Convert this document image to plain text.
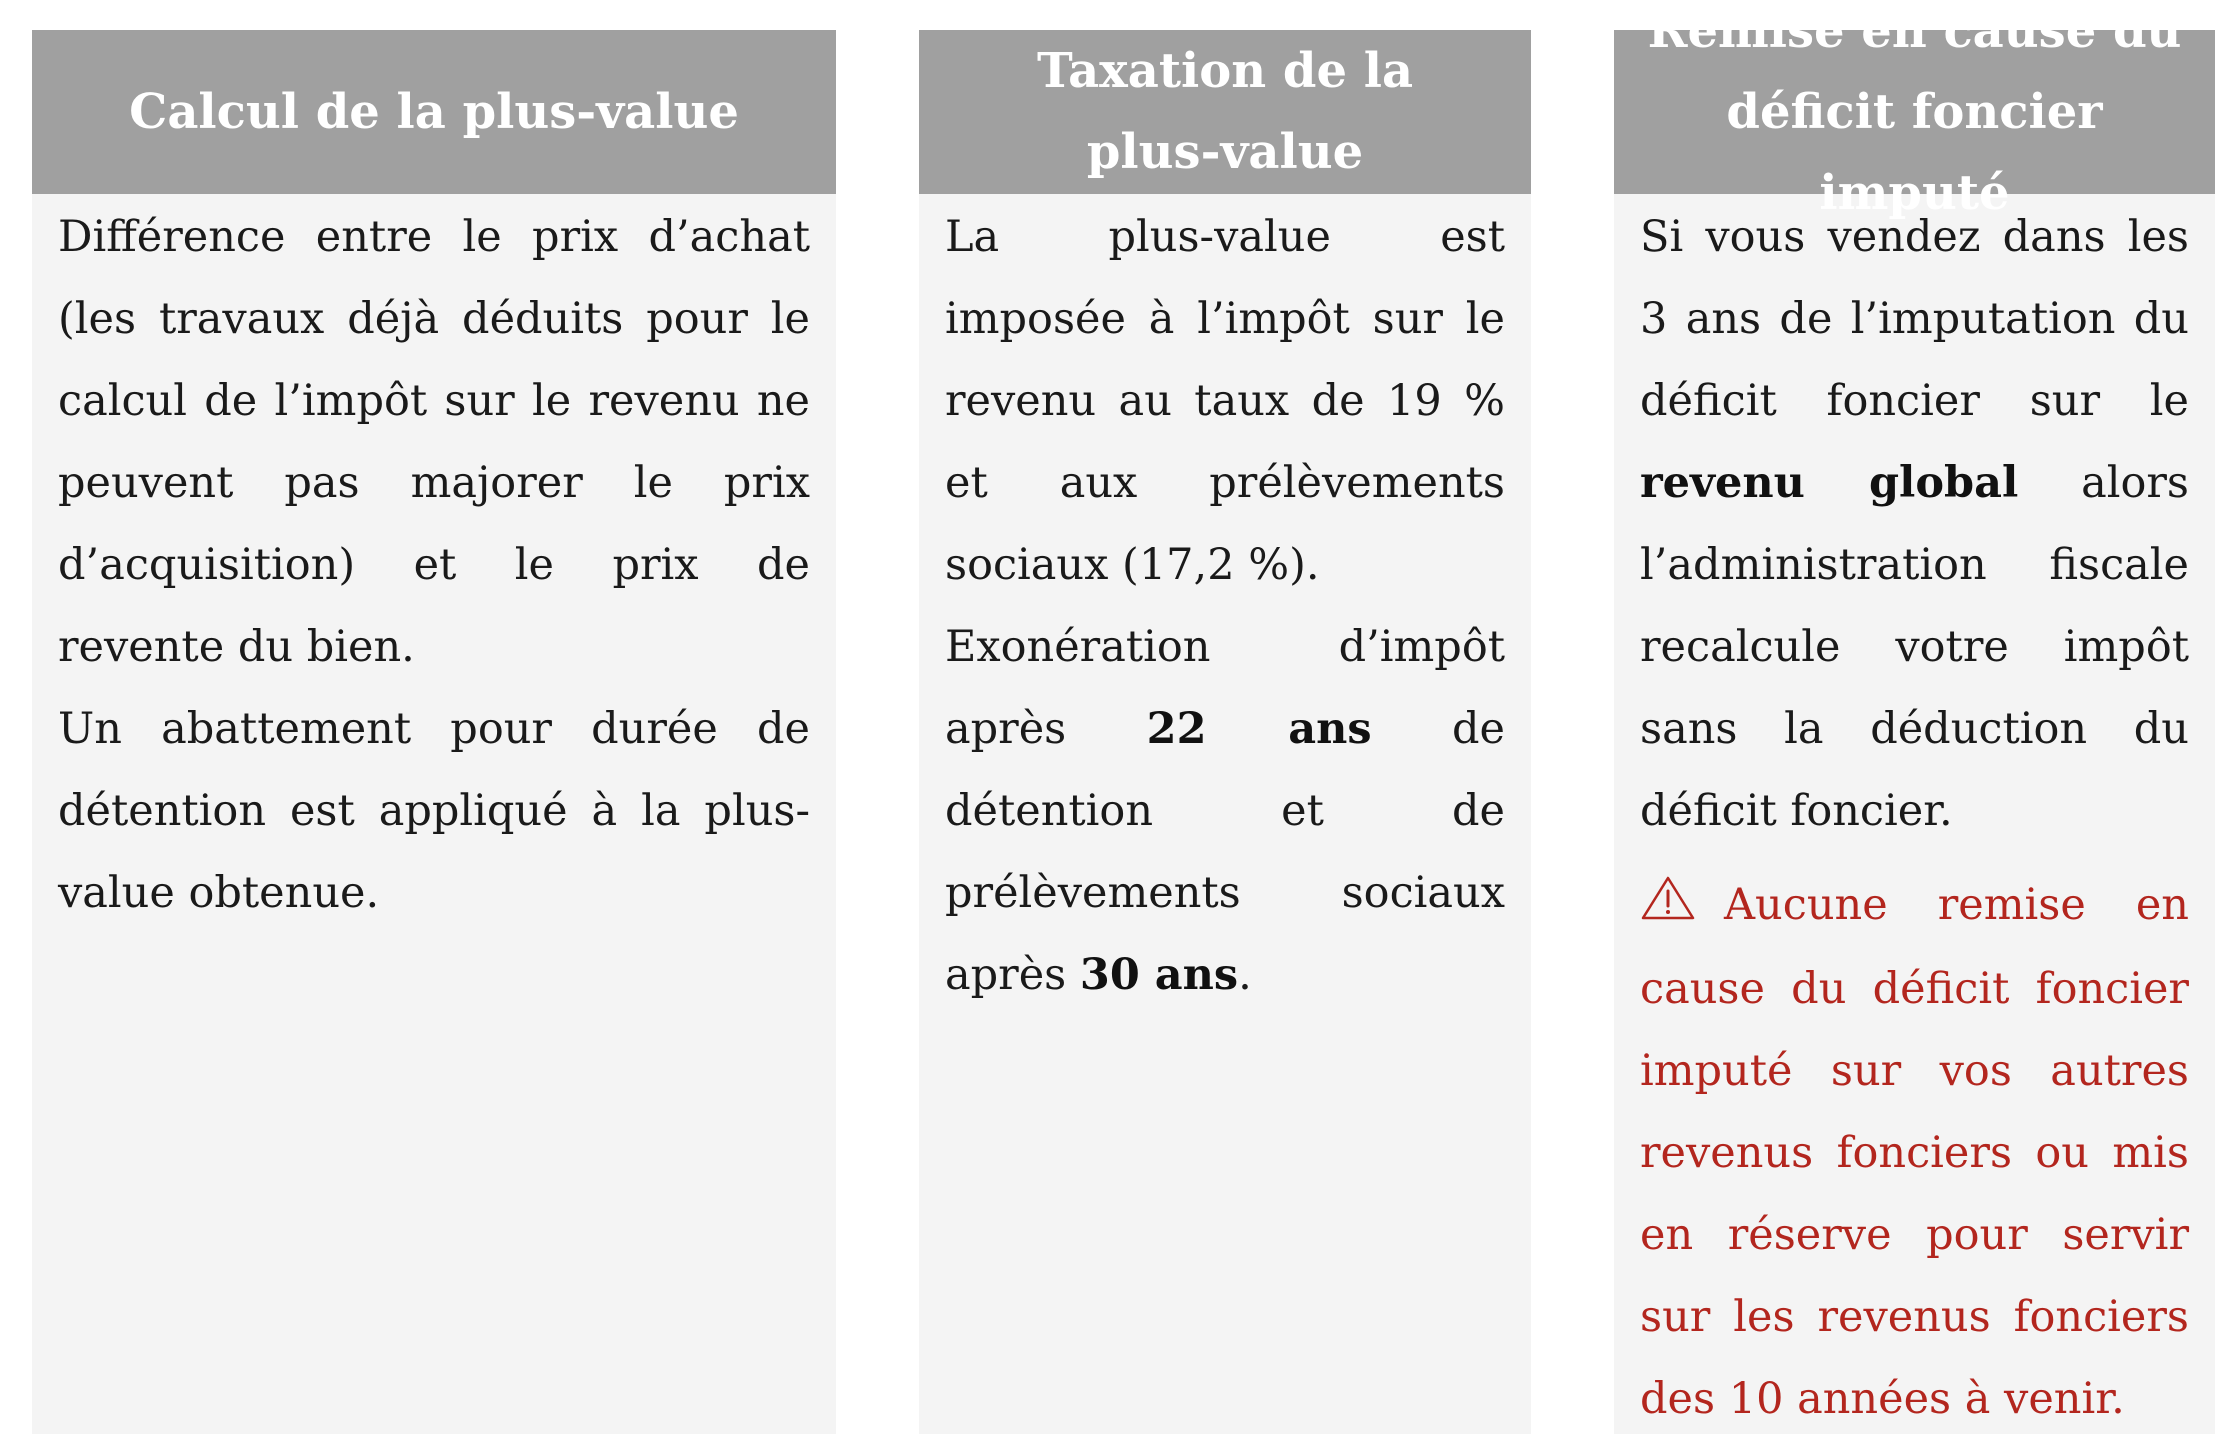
Calcul de la plus-value

Différence entre le prix d’achat (les travaux déjà déduits pour le calcul de l’impôt sur le revenu ne peuvent pas majorer le prix d’acquisition) et le prix de revente du bien.

Un abattement pour durée de détention est appliqué à la plus-value obtenue.

Taxation de la
plus-value

La plus-value est imposée à l’impôt sur le revenu au taux de 19 % et aux prélèvements sociaux (17,2 %).

Exonération d’impôt après 22 ans de détention et de prélèvements sociaux après 30 ans.

Remise en cause du
déficit foncier imputé

Si vous vendez dans les 3 ans de l’imputation du déficit foncier sur le revenu global alors l’administration fiscale recalcule votre impôt sans la déduction du déficit foncier.

Aucune remise en cause du déficit foncier imputé sur vos autres revenus fonciers ou mis en réserve pour servir sur les revenus fonciers des 10 années à venir.
